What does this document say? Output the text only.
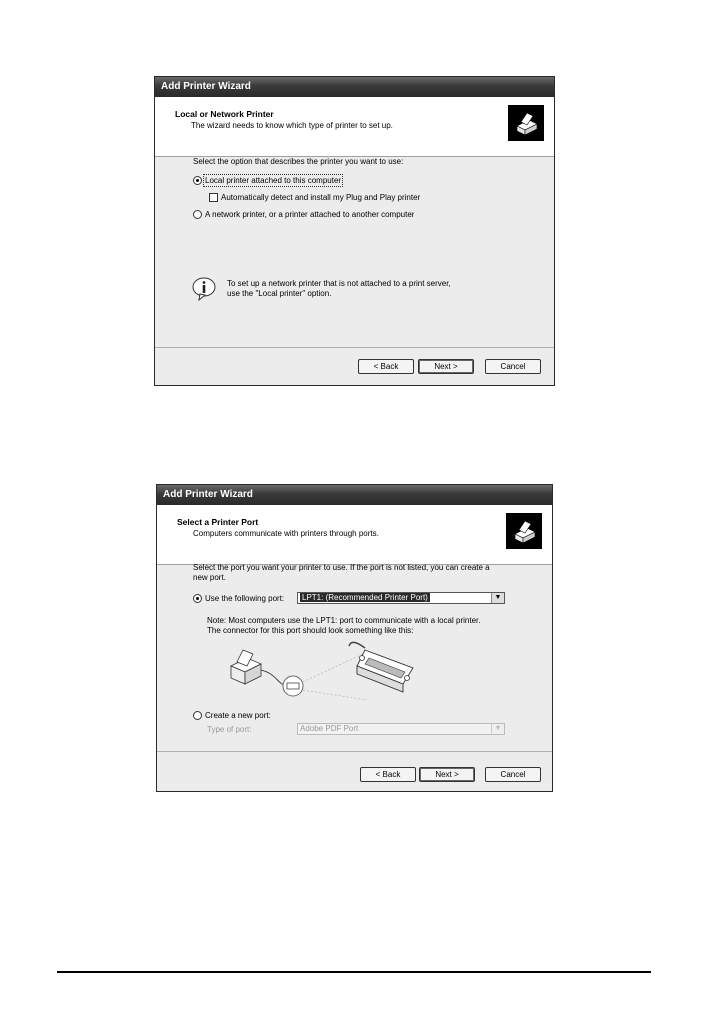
Add Printer Wizard
Local or Network Printer
The wizard needs to know which type of printer to set up.
Select the option that describes the printer you want to use:
Local printer attached to this computer
Automatically detect and install my Plug and Play printer
A network printer, or a printer attached to another computer
To set up a network printer that is not attached to a print server,
use the "Local printer" option.
< Back	Next >	Cancel
Add Printer Wizard
Select a Printer Port
Computers communicate with printers through ports.
Select the port you want your printer to use. If the port is not listed, you can create a
new port.
Use the following port:	LPT1: (Recommended Printer Port)	▼
Note: Most computers use the LPT1: port to communicate with a local printer.
The connector for this port should look something like this:
Create a new port:
Type of port:	Adobe PDF Port	▼
< Back	Next >	Cancel
